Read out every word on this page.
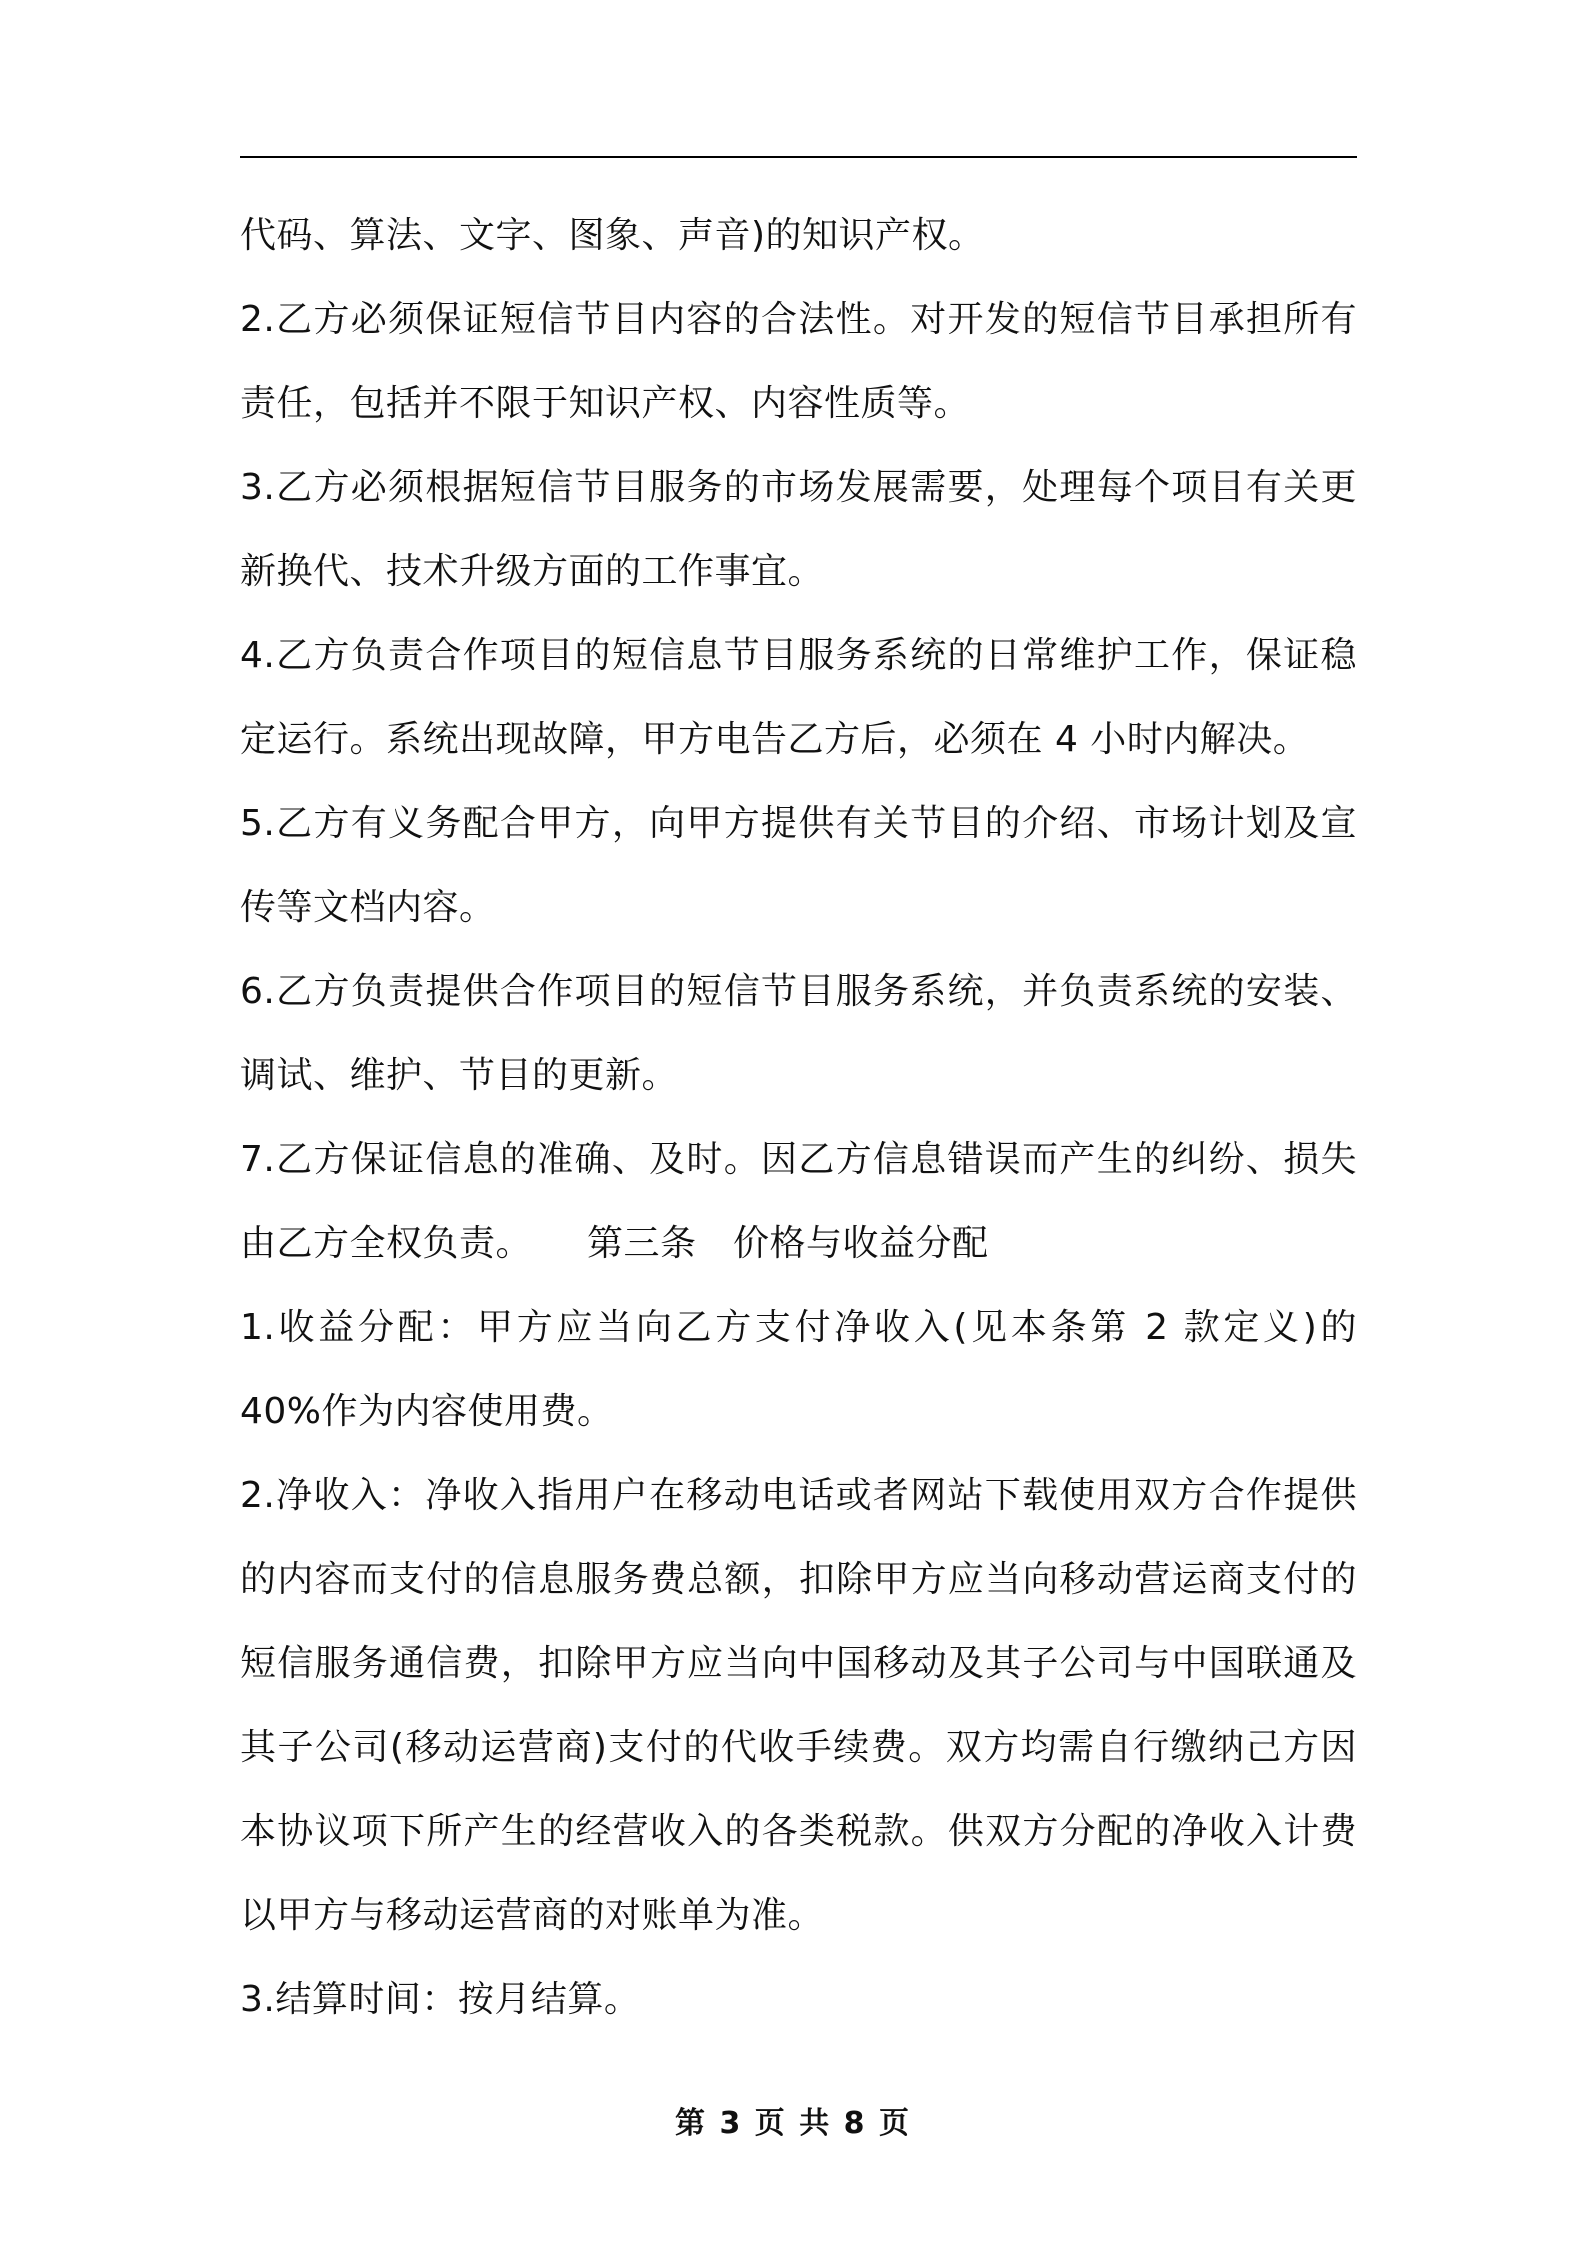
代码、算法、文字、图象、声音)的知识产权。

2.乙方必须保证短信节目内容的合法性。对开发的短信节目承担所有责任，包括并不限于知识产权、内容性质等。

3.乙方必须根据短信节目服务的市场发展需要，处理每个项目有关更新换代、技术升级方面的工作事宜。

4.乙方负责合作项目的短信息节目服务系统的日常维护工作，保证稳定运行。系统出现故障，甲方电告乙方后，必须在 4 小时内解决。

5.乙方有义务配合甲方，向甲方提供有关节目的介绍、市场计划及宣传等文档内容。

6.乙方负责提供合作项目的短信节目服务系统，并负责系统的安装、调试、维护、节目的更新。

7.乙方保证信息的准确、及时。因乙方信息错误而产生的纠纷、损失由乙方全权负责。　　第三条　价格与收益分配

1.收益分配：甲方应当向乙方支付净收入(见本条第 2 款定义)的 40%作为内容使用费。

2.净收入：净收入指用户在移动电话或者网站下载使用双方合作提供的内容而支付的信息服务费总额，扣除甲方应当向移动营运商支付的短信服务通信费，扣除甲方应当向中国移动及其子公司与中国联通及其子公司(移动运营商)支付的代收手续费。双方均需自行缴纳己方因本协议项下所产生的经营收入的各类税款。供双方分配的净收入计费以甲方与移动运营商的对账单为准。

3.结算时间：按月结算。

第 3 页 共 8 页
